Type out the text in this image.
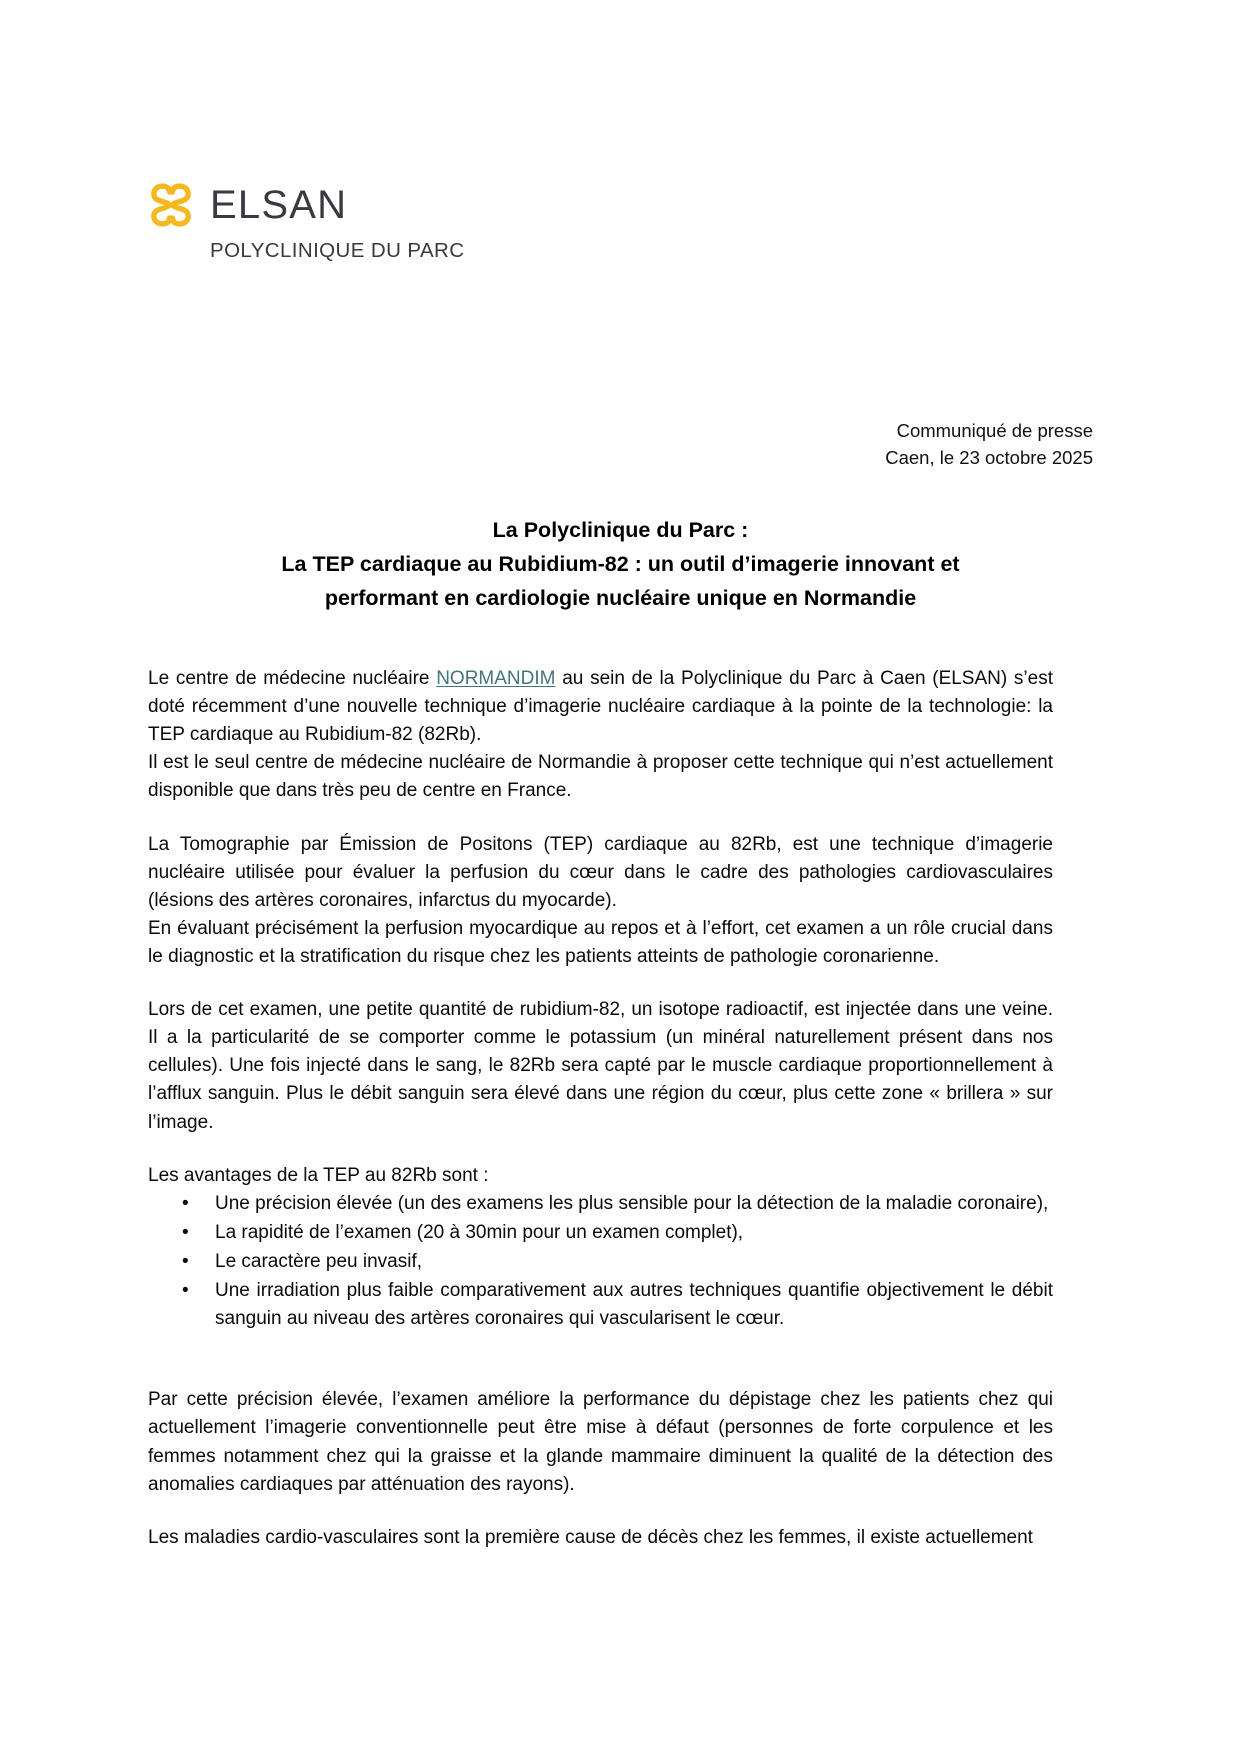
ELSAN
POLYCLINIQUE DU PARC
Communiqué de presse
Caen, le 23 octobre 2025
La Polyclinique du Parc :
La TEP cardiaque au Rubidium-82 : un outil d’imagerie innovant et
performant en cardiologie nucléaire unique en Normandie

Le centre de médecine nucléaire NORMANDIM au sein de la Polyclinique du Parc à Caen (ELSAN) s’est doté récemment d’une nouvelle technique d’imagerie nucléaire cardiaque à la pointe de la technologie: la TEP cardiaque au Rubidium-82 (82Rb).

Il est le seul centre de médecine nucléaire de Normandie à proposer cette technique qui n’est actuellement disponible que dans très peu de centre en France.

La Tomographie par Émission de Positons (TEP) cardiaque au 82Rb, est une technique d’imagerie nucléaire utilisée pour évaluer la perfusion du cœur dans le cadre des pathologies cardiovasculaires (lésions des artères coronaires, infarctus du myocarde).

En évaluant précisément la perfusion myocardique au repos et à l’effort, cet examen a un rôle crucial dans le diagnostic et la stratification du risque chez les patients atteints de pathologie coronarienne.

Lors de cet examen, une petite quantité de rubidium-82, un isotope radioactif, est injectée dans une veine. Il a la particularité de se comporter comme le potassium (un minéral naturellement présent dans nos cellules). Une fois injecté dans le sang, le 82Rb sera capté par le muscle cardiaque proportionnellement à l’afflux sanguin. Plus le débit sanguin sera élevé dans une région du cœur, plus cette zone « brillera » sur l’image.

Les avantages de la TEP au 82Rb sont :

• Une précision élevée (un des examens les plus sensible pour la détection de la maladie coronaire),
• La rapidité de l’examen (20 à 30min pour un examen complet),
• Le caractère peu invasif,
• Une irradiation plus faible comparativement aux autres techniques quantifie objectivement le débit sanguin au niveau des artères coronaires qui vascularisent le cœur.

Par cette précision élevée, l’examen améliore la performance du dépistage chez les patients chez qui actuellement l’imagerie conventionnelle peut être mise à défaut (personnes de forte corpulence et les femmes notamment chez qui la graisse et la glande mammaire diminuent la qualité de la détection des anomalies cardiaques par atténuation des rayons).

Les maladies cardio-vasculaires sont la première cause de décès chez les femmes, il existe actuellement
